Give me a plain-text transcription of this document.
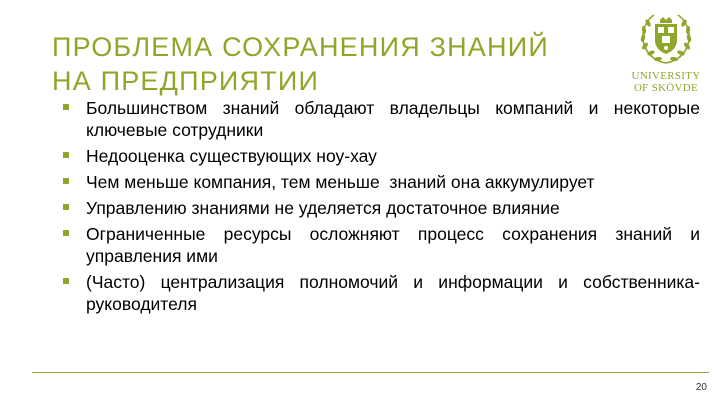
ПРОБЛЕМА СОХРАНЕНИЯ ЗНАНИЙ
НА ПРЕДПРИЯТИИ	UNIVERSITY
OF SKÖVDE
Большинством знаний обладают владельцы компаний и некоторые ключевые сотрудники
Недооценка существующих ноу-хау
Чем меньше компания, тем меньше  знаний она аккумулирует
Управлению знаниями не уделяется достаточное влияние
Ограниченные ресурсы осложняют процесс сохранения знаний и управления ими
(Часто) централизация полномочий и информации и собственника-руководителя
20
